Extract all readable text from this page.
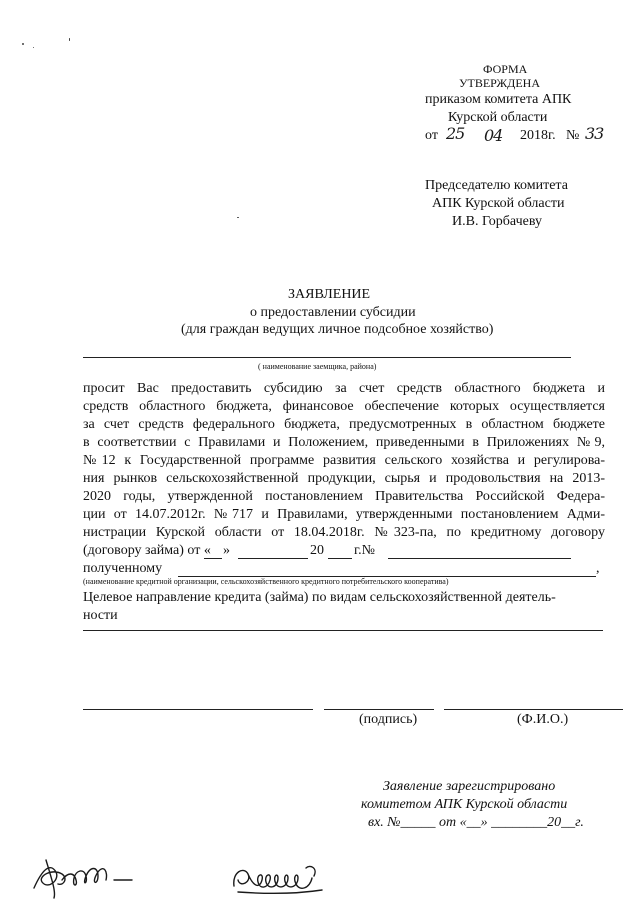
ФОРМА
УТВЕРЖДЕНА
приказом комитета АПК
Курской области
от 25 04 2018г. № 33
Председателю комитета
АПК Курской области
И.В. Горбачеву
ЗАЯВЛЕНИЕ
о предоставлении субсидии
(для граждан ведущих личное подсобное хозяйство)
( наименование заемщика, района)
просит Вас предоставить субсидию за счет средств областного бюджета и
средств областного бюджета, финансовое обеспечение которых осуществляется
за счет средств федерального бюджета, предусмотренных в областном бюджете
в соответствии с Правилами и Положением, приведенными в Приложениях №9,
№12 к Государственной программе развития сельского хозяйства и регулирова-
ния рынков сельскохозяйственной продукции, сырья и продовольствия на 2013-
2020 годы, утвержденной постановлением Правительства Российской Федера-
ции от 14.07.2012г. №717 и Правилами, утвержденными постановлением Адми-
нистрации Курской области от 18.04.2018г. №323-па, по кредитному договору
(договору займа) от « »	20 г.№
полученному	,
(наименование кредитной организации, сельскохозяйственного кредитного потребительского кооператива)
Целевое направление кредита (займа) по видам сельскохозяйственной деятель-
ности
(подпись)	(Ф.И.О.)
Заявление зарегистрировано
комитетом АПК Курской области
вх. №_____ от «__» ________20__г.
